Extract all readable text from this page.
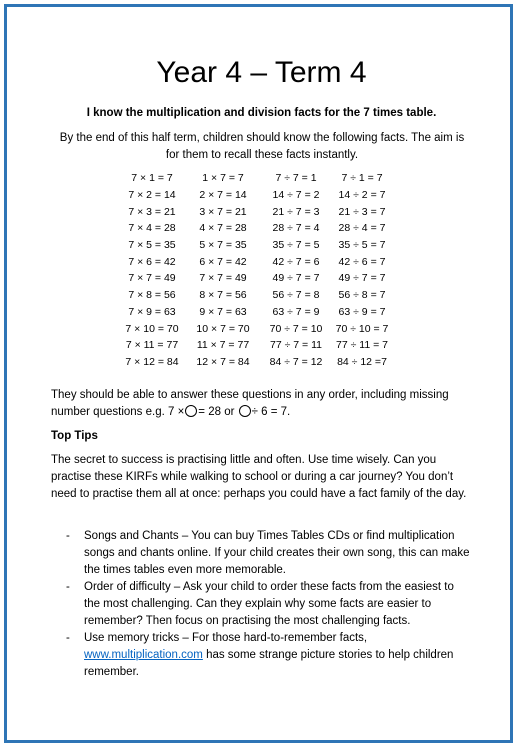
Year 4 – Term 4
I know the multiplication and division facts for the 7 times table.
By the end of this half term, children should know the following facts. The aim is for them to recall these facts instantly.
7 × 1 = 7	1 × 7 = 7	7 ÷ 7 = 1	7 ÷ 1 = 7
7 × 2 = 14	2 × 7 = 14	14 ÷ 7 = 2	14 ÷ 2 = 7
7 × 3 = 21	3 × 7 = 21	21 ÷ 7 = 3	21 ÷ 3 = 7
7 × 4 = 28	4 × 7 = 28	28 ÷ 7 = 4	28 ÷ 4 = 7
7 × 5 = 35	5 × 7 = 35	35 ÷ 7 = 5	35 ÷ 5 = 7
7 × 6 = 42	6 × 7 = 42	42 ÷ 7 = 6	42 ÷ 6 = 7
7 × 7 = 49	7 × 7 = 49	49 ÷ 7 = 7	49 ÷ 7 = 7
7 × 8 = 56	8 × 7 = 56	56 ÷ 7 = 8	56 ÷ 8 = 7
7 × 9 = 63	9 × 7 = 63	63 ÷ 7 = 9	63 ÷ 9 = 7
7 × 10 = 70	10 × 7 = 70	70 ÷ 7 = 10	70 ÷ 10 = 7
7 × 11 = 77	11 × 7 = 77	77 ÷ 7 = 11	77 ÷ 11 = 7
7 × 12 = 84	12 × 7 = 84	84 ÷ 7 = 12	84 ÷ 12 =7
They should be able to answer these questions in any order, including missing number questions e.g. 7 × = 28 or ÷ 6 = 7.
Top Tips
The secret to success is practising little and often. Use time wisely. Can you practise these KIRFs while walking to school or during a car journey? You don’t need to practise them all at once: perhaps you could have a fact family of the day.
- Songs and Chants – You can buy Times Tables CDs or find multiplication songs and chants online. If your child creates their own song, this can make the times tables even more memorable.
- Order of difficulty – Ask your child to order these facts from the easiest to the most challenging. Can they explain why some facts are easier to remember? Then focus on practising the most challenging facts.
- Use memory tricks – For those hard-to-remember facts, www.multiplication.com has some strange picture stories to help children remember.
